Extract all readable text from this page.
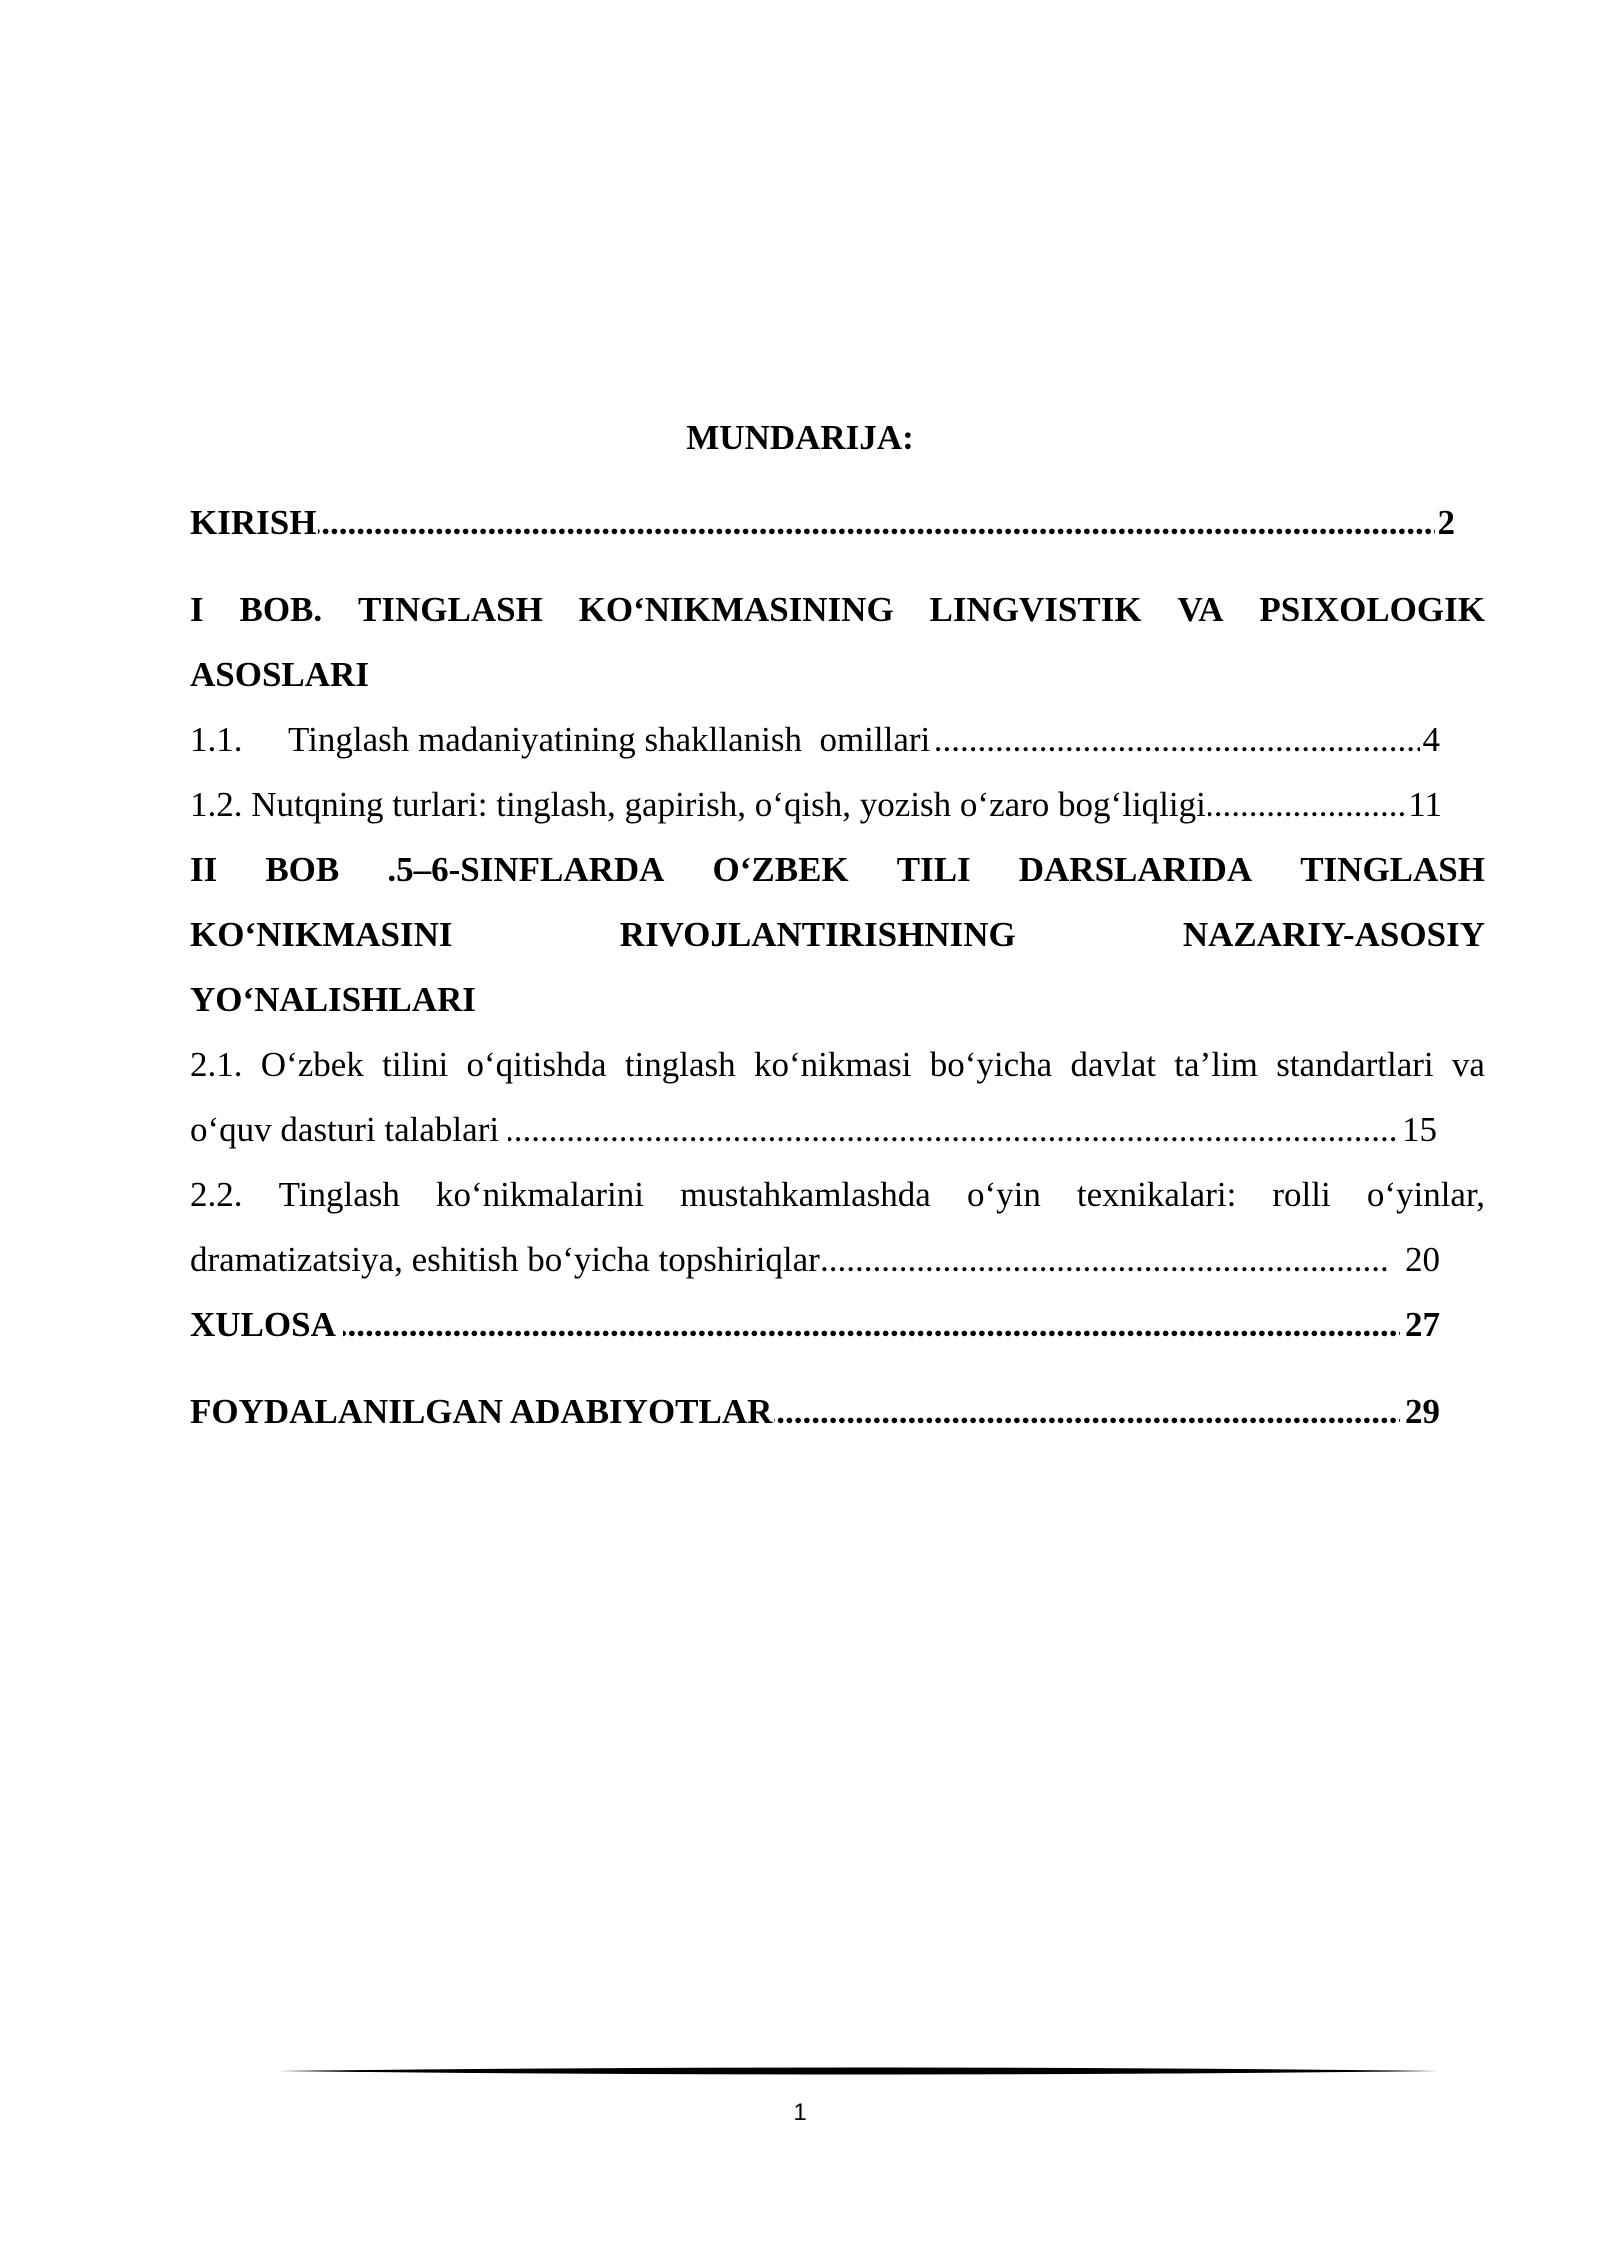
MUNDARIJA:
KIRISH .....	2
I BOB. TINGLASH KO‘NIKMASINING LINGVISTIK VA PSIXOLOGIK
ASOSLARI
1.1. Tinglash madaniyatining shakllanish  omillari .....	4
1.2. Nutqning turlari: tinglash, gapirish, o‘qish, yozish o‘zaro bog‘liqligi .....	11
II BOB .5–6-SINFLARDA O‘ZBEK TILI DARSLARIDA TINGLASH
KO‘NIKMASINI	RIVOJLANTIRISHNING	NAZARIY-ASOSIY
YO‘NALISHLARI
2.1. O‘zbek tilini o‘qitishda tinglash ko‘nikmasi bo‘yicha davlat ta’lim standartlari va
o‘quv dasturi talablari .....	15
2.2. Tinglash ko‘nikmalarini mustahkamlashda o‘yin texnikalari: rolli o‘yinlar,
dramatizatsiya, eshitish bo‘yicha topshiriqlar .....	20
XULOSA .....	27
FOYDALANILGAN ADABIYOTLAR .....	29
1
